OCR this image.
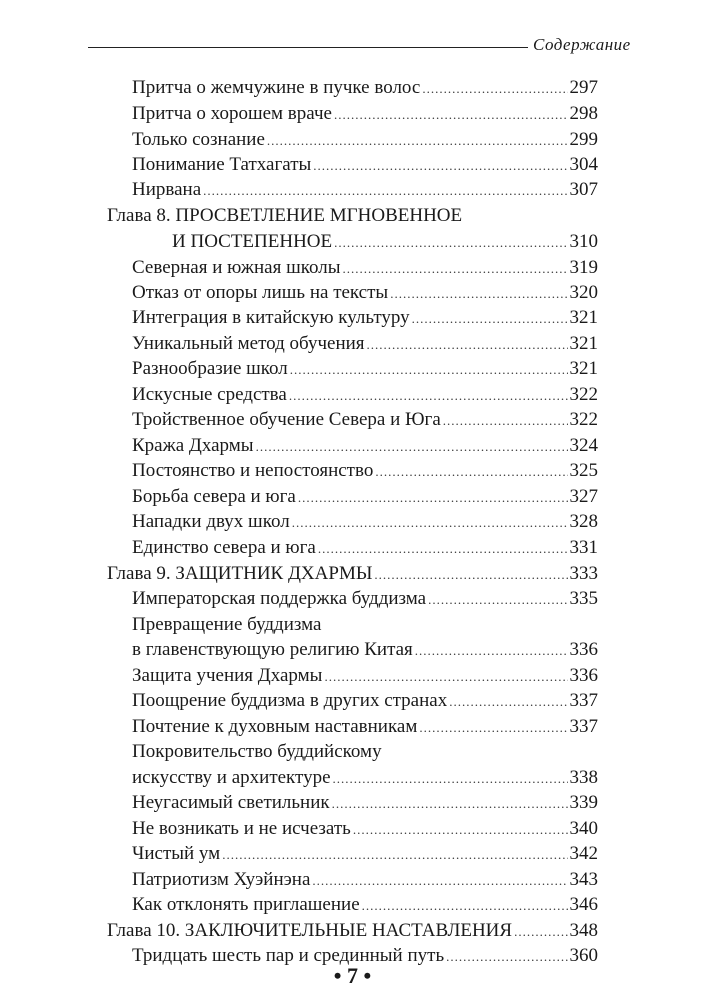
Содержание
Притча о жемчужине в пучке волос .....	297
Притча о хорошем враче .....	298
Только сознание .....	299
Понимание Татхагаты .....	304
Нирвана .....	307
Глава 8. ПРОСВЕТЛЕНИЕ МГНОВЕННОЕ
И ПОСТЕПЕННОЕ .....	310
Северная и южная школы .....	319
Отказ от опоры лишь на тексты .....	320
Интеграция в китайскую культуру .....	321
Уникальный метод обучения .....	321
Разнообразие школ .....	321
Искусные средства .....	322
Тройственное обучение Севера и Юга .....	322
Кража Дхармы .....	324
Постоянство и непостоянство .....	325
Борьба севера и юга .....	327
Нападки двух школ .....	328
Единство севера и юга .....	331
Глава 9. ЗАЩИТНИК ДХАРМЫ .....	333
Императорская поддержка буддизма .....	335
Превращение буддизма
в главенствующую религию Китая .....	336
Защита учения Дхармы .....	336
Поощрение буддизма в других странах .....	337
Почтение к духовным наставникам .....	337
Покровительство буддийскому
искусству и архитектуре .....	338
Неугасимый светильник .....	339
Не возникать и не исчезать .....	340
Чистый ум .....	342
Патриотизм Хуэйнэна .....	343
Как отклонять приглашение .....	346
Глава 10. ЗАКЛЮЧИТЕЛЬНЫЕ НАСТАВЛЕНИЯ .....	348
Тридцать шесть пар и срединный путь .....	360
• 7 •
